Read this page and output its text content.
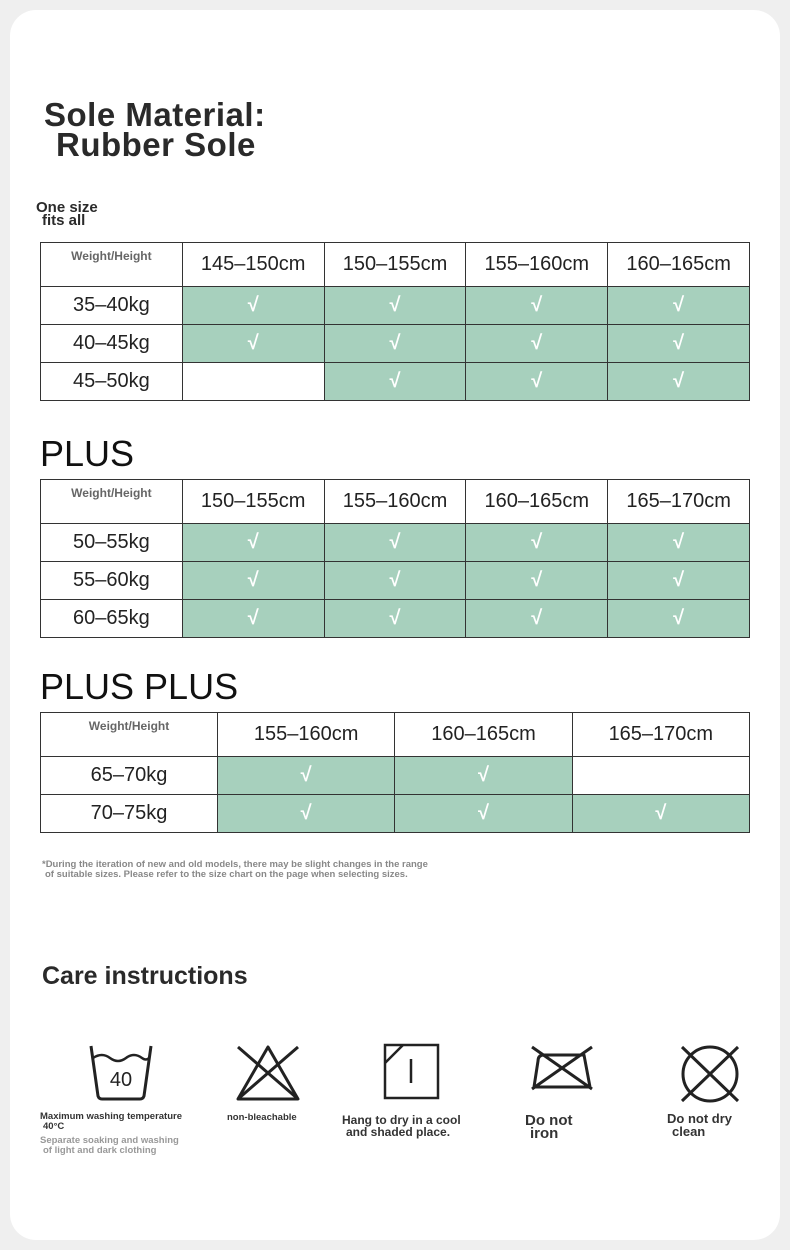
Sole Material:
Rubber Sole
One size
fits all
Weight/Height	145–150cm	150–155cm	155–160cm	160–165cm
35–40kg	√	√	√	√
40–45kg	√	√	√	√
45–50kg		√	√	√
PLUS
Weight/Height	150–155cm	155–160cm	160–165cm	165–170cm
50–55kg	√	√	√	√
55–60kg	√	√	√	√
60–65kg	√	√	√	√
PLUS PLUS
Weight/Height	155–160cm	160–165cm	165–170cm
65–70kg	√	√	
70–75kg	√	√	√
*During the iteration of new and old models, there may be slight changes in the range
of suitable sizes. Please refer to the size chart on the page when selecting sizes.
Care instructions
40
Maximum washing temperature
40°C
Separate soaking and washing
of light and dark clothing
non-bleachable	Hang to dry in a cool
and shaded place.
Do not
iron
Do not dry
clean
